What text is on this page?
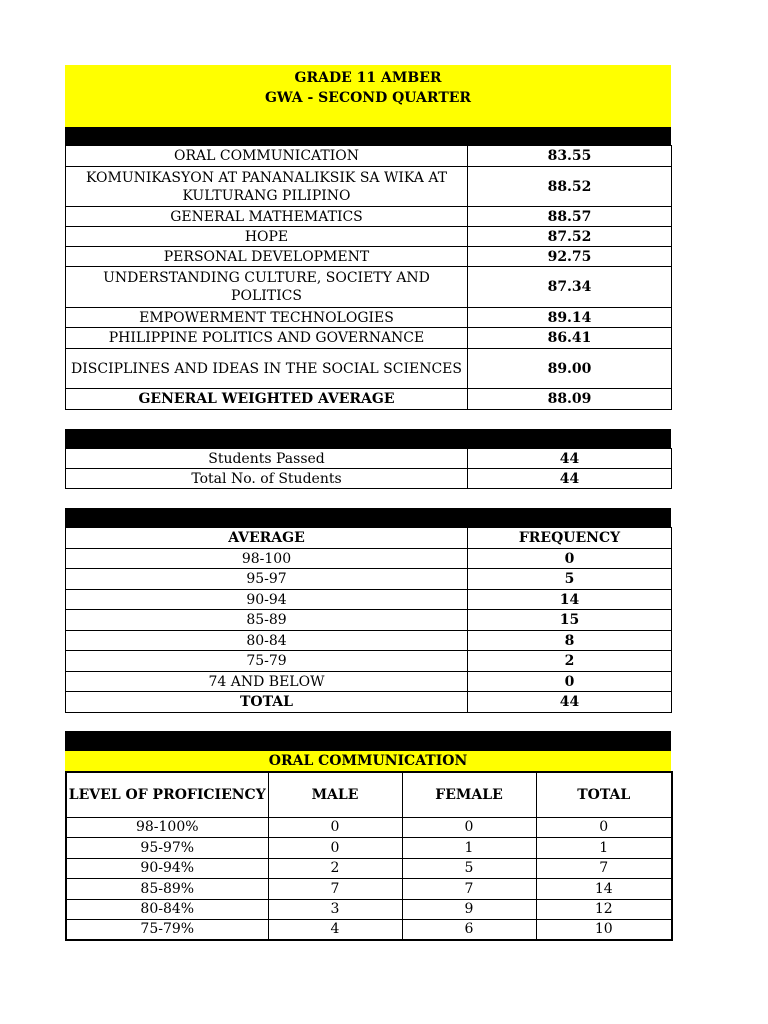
GRADE 11 AMBER
GWA - SECOND QUARTER
ORAL COMMUNICATION	83.55
KOMUNIKASYON AT PANANALIKSIK SA WIKA AT KULTURANG PILIPINO	88.52
GENERAL MATHEMATICS	88.57
HOPE	87.52
PERSONAL DEVELOPMENT	92.75
UNDERSTANDING CULTURE, SOCIETY AND POLITICS	87.34
EMPOWERMENT TECHNOLOGIES	89.14
PHILIPPINE POLITICS AND GOVERNANCE	86.41
DISCIPLINES AND IDEAS IN THE SOCIAL SCIENCES	89.00
GENERAL WEIGHTED AVERAGE	88.09
Students Passed	44
Total No. of Students	44
AVERAGE	FREQUENCY
98-100	0
95-97	5
90-94	14
85-89	15
80-84	8
75-79	2
74 AND BELOW	0
TOTAL	44
ORAL COMMUNICATION
LEVEL OF PROFICIENCY	MALE	FEMALE	TOTAL
98-100%	0	0	0
95-97%	0	1	1
90-94%	2	5	7
85-89%	7	7	14
80-84%	3	9	12
75-79%	4	6	10
